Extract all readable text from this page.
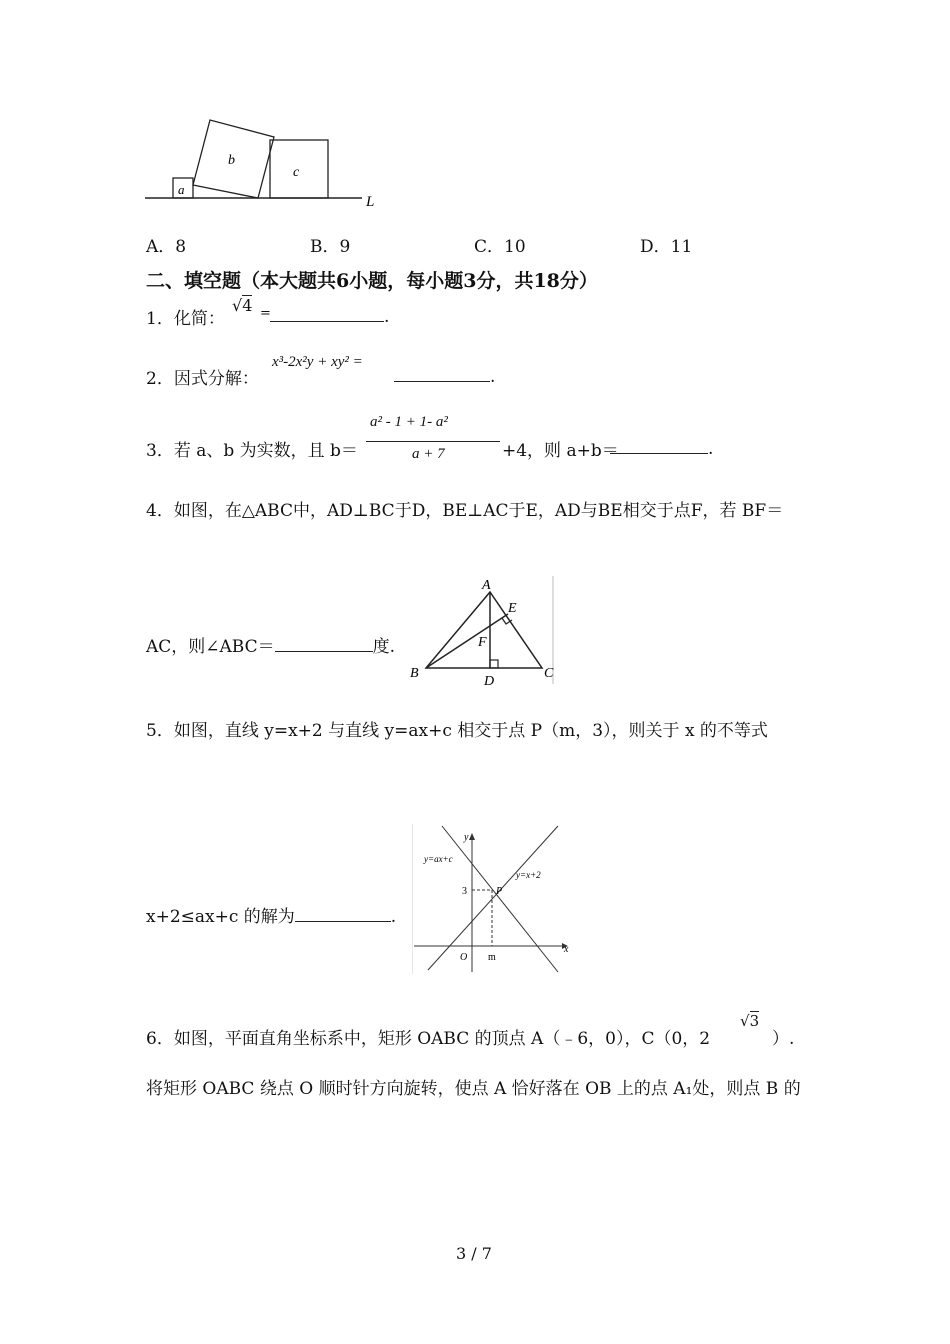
a
b
c
L
A．8	B．9	C．10	D．11
二、填空题（本大题共6小题，每小题3分，共18分）
1．化简：
√4 =	.
2．因式分解：
x³-2x²y + xy² =
.
3．若 a、b 为实数，且 b＝
a² - 1 + 1- a²
a + 7	+4，则 a+b＝	.
4．如图，在△ABC中，AD⊥BC于D，BE⊥AC于E，AD与BE相交于点F，若 BF＝
AC，则∠ABC＝	度.
A
E
F
B
D
C
5．如图，直线 y=x+2 与直线 y=ax+c 相交于点 P（m，3），则关于 x 的不等式
x+2≤ax+c 的解为	.
y
x
O m
3	P
y=ax+c
y=x+2
6．如图，平面直角坐标系中，矩形 OABC 的顶点 A（﹣6，0），C（0，2
√3
）.
将矩形 OABC 绕点 O 顺时针方向旋转，使点 A 恰好落在 OB 上的点 A₁处，则点 B 的
3 / 7
